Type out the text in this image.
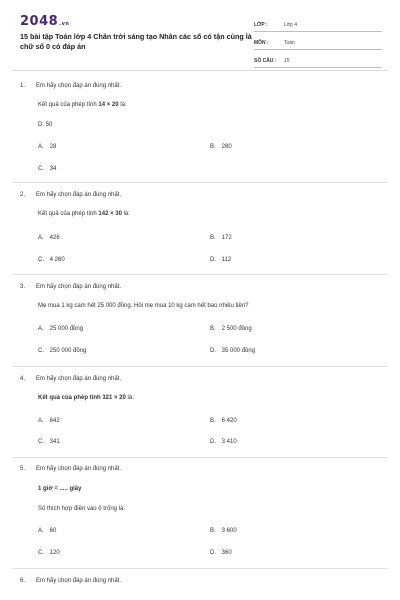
2048.vn
15 bài tập Toán lớp 4 Chân trời sáng tạo Nhân các số có tận cùng là chữ số 0 có đáp án
LỚP :	Lớp 4
MÔN :	Toán
SỐ CÂU :	15
1. Em hãy chọn đáp án đúng nhất.
Kết quả của phép tính 14 × 20 là:
D. 50
A. 28	B. 280
C. 34
2. Em hãy chọn đáp án đúng nhất.
Kết quả của phép tính 142 × 30 là:
A. 426	B. 172
C. 4 260	D. 112
3. Em hãy chọn đáp án đúng nhất.
Mẹ mua 1 kg cam hết 25 000 đồng. Hỏi mẹ mua 10 kg cam hết bao nhiêu tiền?
A. 25 000 đồng	B. 2 500 đồng
C. 250 000 đồng	D. 35 000 đồng
4. Em hãy chọn đáp án đúng nhất.
Kết quả của phép tính 321 × 20 là:
A. 642	B. 6 420
C. 341	D. 3 410
5. Em hãy chọn đáp án đúng nhất.
1 giờ = ..... giây
Số thích hợp điền vào ô trống là:
A. 60	B. 3 600
C. 120	D. 360
6. Em hãy chọn đáp án đúng nhất.
